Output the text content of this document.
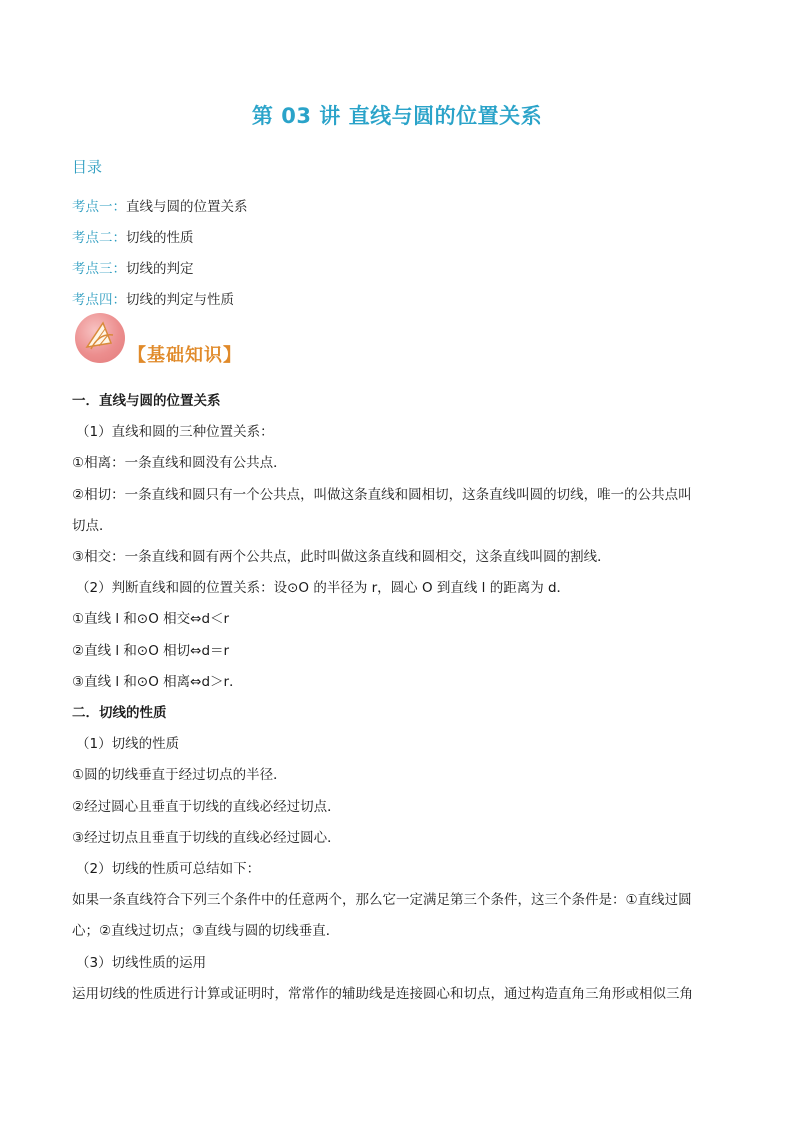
第 03 讲 直线与圆的位置关系
目录
考点一：直线与圆的位置关系
考点二：切线的性质
考点三：切线的判定
考点四：切线的判定与性质
【基础知识】
一．直线与圆的位置关系
（1）直线和圆的三种位置关系：
①相离：一条直线和圆没有公共点．
②相切：一条直线和圆只有一个公共点，叫做这条直线和圆相切，这条直线叫圆的切线，唯一的公共点叫
切点．
③相交：一条直线和圆有两个公共点，此时叫做这条直线和圆相交，这条直线叫圆的割线．
（2）判断直线和圆的位置关系：设⊙O 的半径为 r，圆心 O 到直线 l 的距离为 d．
①直线 l 和⊙O 相交⇔d＜r
②直线 l 和⊙O 相切⇔d＝r
③直线 l 和⊙O 相离⇔d＞r．
二．切线的性质
（1）切线的性质
①圆的切线垂直于经过切点的半径．
②经过圆心且垂直于切线的直线必经过切点．
③经过切点且垂直于切线的直线必经过圆心．
（2）切线的性质可总结如下：
如果一条直线符合下列三个条件中的任意两个，那么它一定满足第三个条件，这三个条件是：①直线过圆
心；②直线过切点；③直线与圆的切线垂直．
（3）切线性质的运用
运用切线的性质进行计算或证明时，常常作的辅助线是连接圆心和切点，通过构造直角三角形或相似三角
